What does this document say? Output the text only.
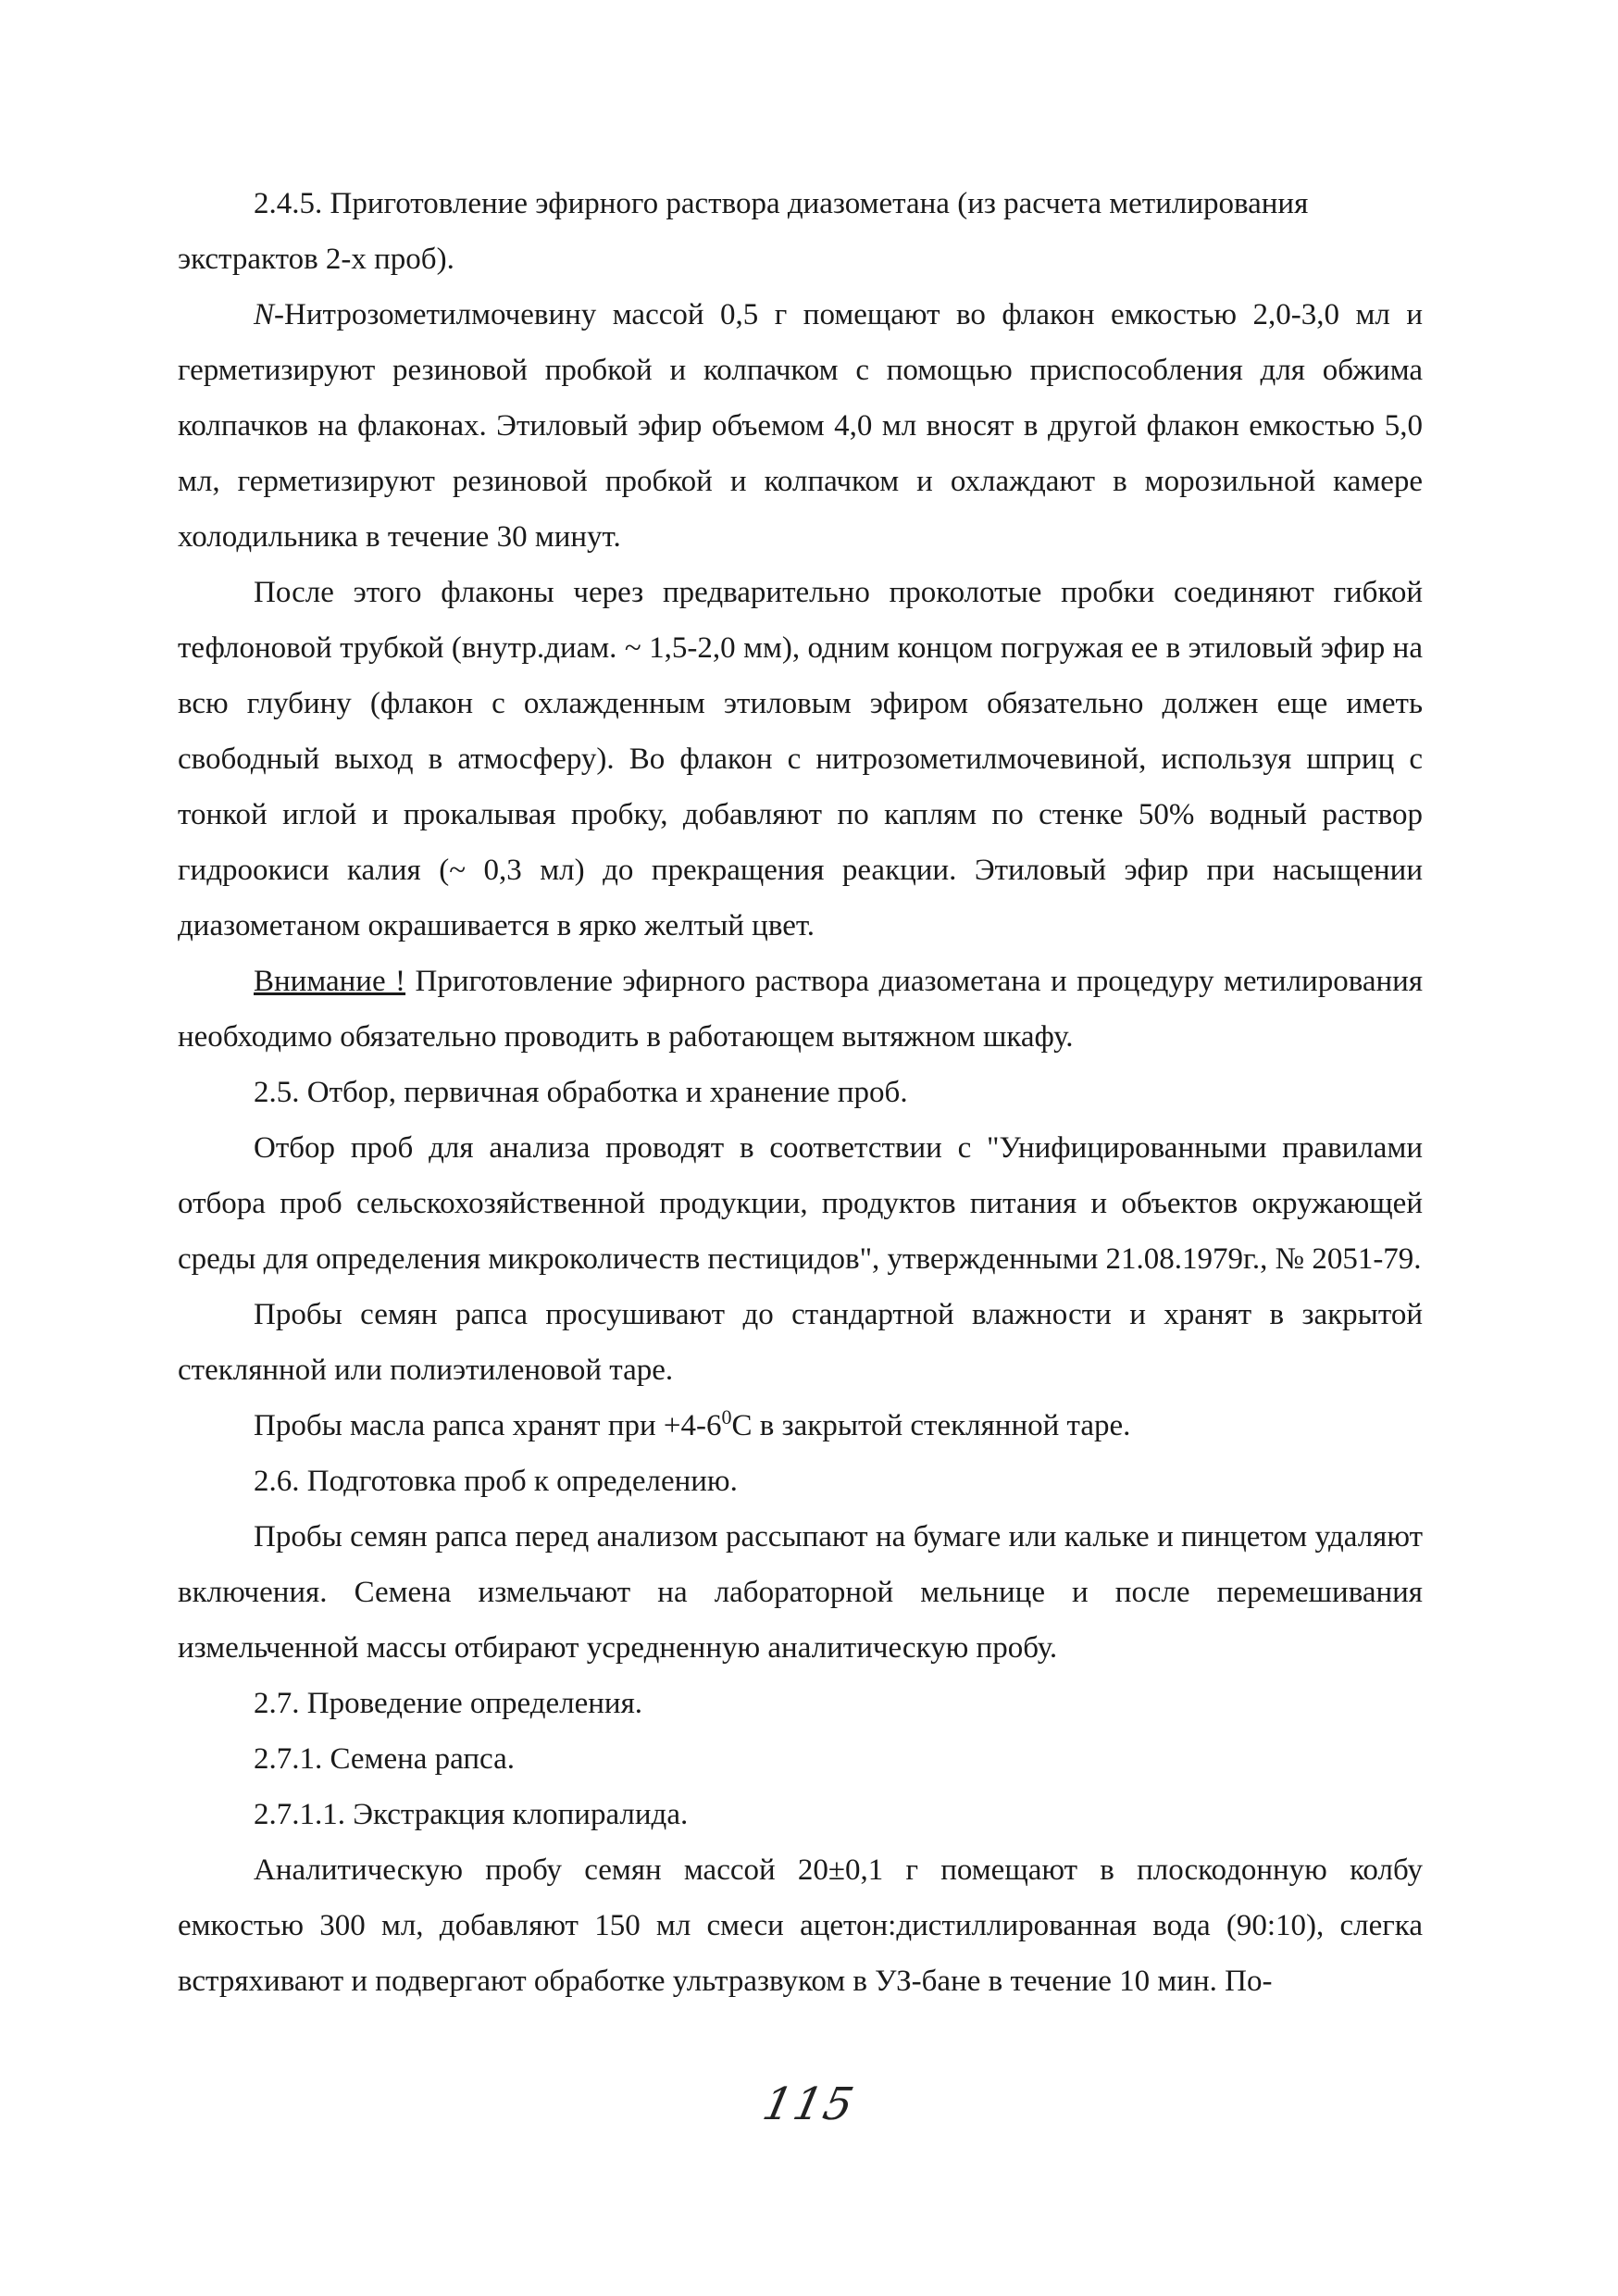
2.4.5. Приготовление эфирного раствора диазометана (из расчета метилирования экстрактов 2-х проб).

N-Нитрозометилмочевину массой 0,5 г помещают во флакон емкостью 2,0-3,0 мл и герметизируют резиновой пробкой и колпачком с помощью приспособления для обжима колпачков на флаконах. Этиловый эфир объемом 4,0 мл вносят в другой флакон емкостью 5,0 мл, герметизируют резиновой пробкой и колпачком и охлаждают в морозильной камере холодильника в течение 30 минут.

После этого флаконы через предварительно проколотые пробки соединяют гибкой тефлоновой трубкой (внутр.диам. ~ 1,5-2,0 мм), одним концом погружая ее в этиловый эфир на всю глубину (флакон с охлажденным этиловым эфиром обязательно должен еще иметь свободный выход в атмосферу). Во флакон с нитрозометилмочевиной, используя шприц с тонкой иглой и прокалывая пробку, добавляют по каплям по стенке 50% водный раствор гидроокиси калия (~ 0,3 мл) до прекращения реакции. Этиловый эфир при насыщении диазометаном окрашивается в ярко желтый цвет.

Внимание ! Приготовление эфирного раствора диазометана и процедуру метилирования необходимо обязательно проводить в работающем вытяжном шкафу.

2.5. Отбор, первичная обработка и хранение проб.

Отбор проб для анализа проводят в соответствии с "Унифицированными правилами отбора проб сельскохозяйственной продукции, продуктов питания и объектов окружающей среды для определения микроколичеств пестицидов", утвержденными 21.08.1979г., № 2051-79.

Пробы семян рапса просушивают до стандартной влажности и хранят в закрытой стеклянной или полиэтиленовой таре.

Пробы масла рапса хранят при $+4-6^0С$ в закрытой стеклянной таре.

2.6. Подготовка проб к определению.

Пробы семян рапса перед анализом рассыпают на бумаге или кальке и пинцетом удаляют включения. Семена измельчают на лабораторной мельнице и после перемешивания измельченной массы отбирают усредненную аналитическую пробу.

2.7. Проведение определения.

2.7.1. Семена рапса.

2.7.1.1. Экстракция клопиралида.

Аналитическую пробу семян массой 20±0,1 г помещают в плоскодонную колбу емкостью 300 мл, добавляют 150 мл смеси ацетон:дистиллированная вода (90:10), слегка встряхивают и подвергают обработке ультразвуком в УЗ-бане в течение 10 мин. По-

115
